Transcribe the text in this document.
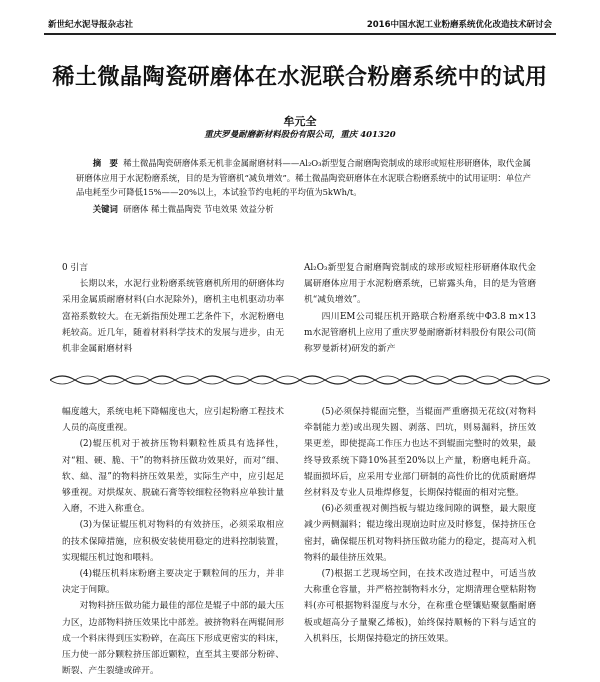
新世纪水泥导报杂志社	2016中国水泥工业粉磨系统优化改造技术研讨会
稀土微晶陶瓷研磨体在水泥联合粉磨系统中的试用
牟元全
重庆罗曼耐磨新材料股份有限公司，重庆 401320
摘　要 稀土微晶陶瓷研磨体系无机非金属耐磨材料——Al₂O₃新型复合耐磨陶瓷制成的球形或短柱形研磨体，取代金属研磨体应用于水泥粉磨系统，目的是为管磨机“减负增效”。稀土微晶陶瓷研磨体在水泥联合粉磨系统中的试用证明：单位产品电耗至少可降低15%——20%以上，本试验节约电耗的平均值为5kWh/t。
关键词 研磨体 稀土微晶陶瓷 节电效果 效益分析

0 引言

长期以来，水泥行业粉磨系统管磨机所用的研磨体均采用金属质耐磨材料(白水泥除外)，磨机主电机驱动功率富裕系数较大。在无新指预处理工艺条件下，水泥粉磨电耗较高。近几年，随着材料科学技术的发展与进步，由无机非金属耐磨材料

Al₂O₃新型复合耐磨陶瓷制成的球形或短柱形研磨体取代金属研磨体应用于水泥粉磨系统，已崭露头角，目的是为管磨机“减负增效”。

四川EM公司辊压机开路联合粉磨系统中Φ3.8 m×13 m水泥管磨机上应用了重庆罗曼耐磨新材料股份有限公司(简称罗曼新材)研发的新产

幅度越大，系统电耗下降幅度也大，应引起粉磨工程技术人员的高度重视。

(2)辊压机对于被挤压物料颗粒性质具有选择性，对“粗、硬、脆、干”的物料挤压做功效果好，而对“细、软、絀、湿”的物料挤压效果差，实际生产中，应引起足够重视。对烘煤灰、脱硫石膏等较细粒径物料应单独计量入磨，不进入称重仓。

(3)为保证辊压机对物料的有效挤压，必须采取相应的技术保障措施，应积极安装使用稳定的进料控制装置，实现辊压机过饱和喂料。

(4)辊压机料床粉磨主要决定于颗粒间的压力，并非决定于间隙。

对物料挤压做功能力最佳的部位是辊子中部的最大压力区，边部物料挤压效果比中部差。被挤物料在两辊间形成一个料床得到压实粉碎，在高压下形成更密实的料床，压力使一部分颗粒挤压部近颗粒，直至其主要部分粉碎、断裂、产生裂缝或碎开。

(5)必须保持辊面完整，当辊面严重磨损无花纹(对物料牵制能力差)或出现失圆、剥落、凹坑，则易漏料，挤压效果更差，即使提高工作压力也达不到辊面完整时的效果，最终导致系统下降10%甚至20%以上产量，粉磨电耗升高。辊面损坏后，应采用专业部门研制的高性价比的优质耐磨焊丝材料及专业人员堆焊修复，长期保持辊面的相对完整。

(6)必须重视对侧挡板与辊边缘间隙的调整，最大限度减少两侧漏料；辊边缘出现崩边时应及时修复，保持挤压仓密封，确保辊压机对物料挤压做功能力的稳定，提高对入机物料的最佳挤压效果。

(7)根据工艺现场空间，在技术改造过程中，可适当放大称重仓容量，并严格控制物料水分，定期清理仓壁粘附物料(亦可根据物料湿度与水分，在称重仓壁镶贴聚氨酯耐磨板或超高分子量聚乙烯板)，始终保持顺畅的下料与适宜的入机料压，长期保持稳定的挤压效果。
